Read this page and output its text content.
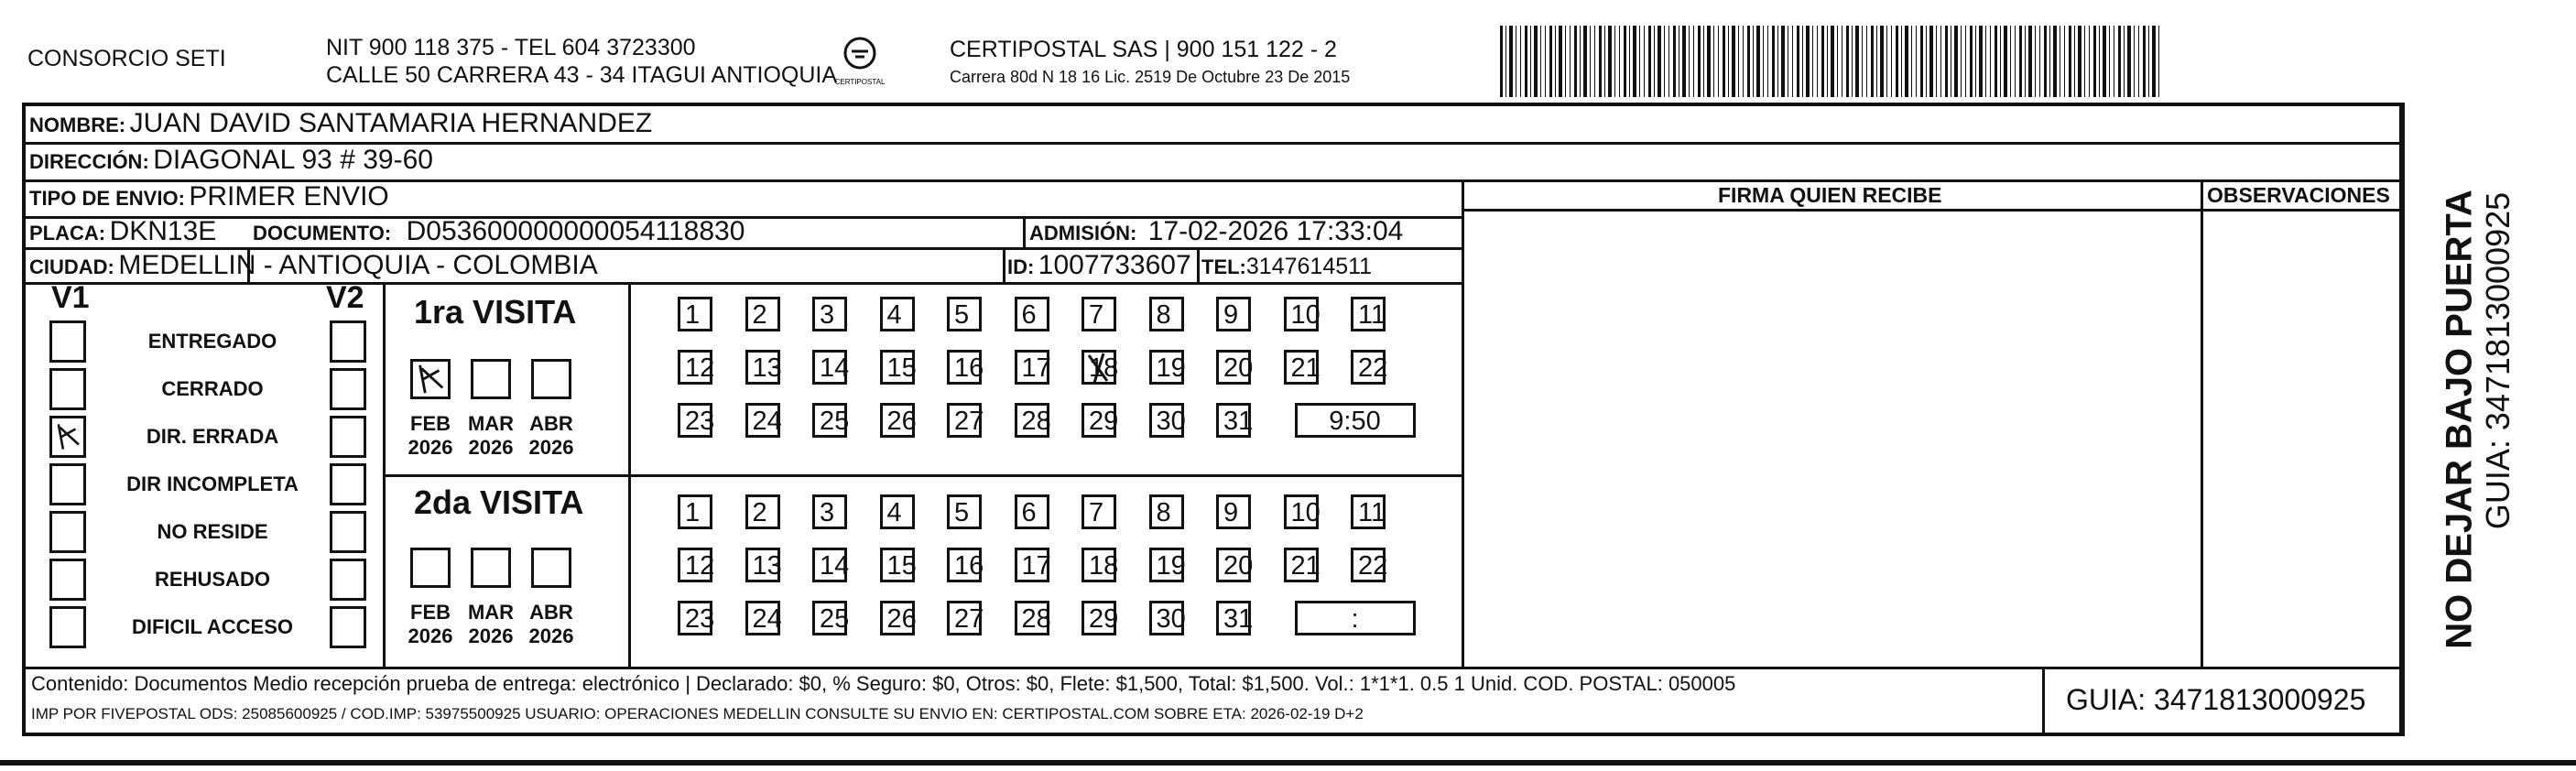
CONSORCIO SETI	NIT 900 118 375 - TEL 604 3723300
CALLE 50 CARRERA 43 - 34 ITAGUI ANTIOQUIA
CERTIPOSTAL
CERTIPOSTAL SAS | 900 151 122 - 2
Carrera 80d N 18 16 Lic. 2519 De Octubre 23 De 2015
NOMBRE: JUAN DAVID SANTAMARIA HERNANDEZ
DIRECCIÓN: DIAGONAL 93 # 39-60
TIPO DE ENVIO: PRIMER ENVIO
PLACA: DKN13E DOCUMENTO: D053600000000054118830	ADMISIÓN: 17-02-2026 17:33:04
CIUDAD: MEDELLIN - ANTIOQUIA - COLOMBIA	ID: 1007733607 TEL:3147614511
FIRMA QUIEN RECIBE	OBSERVACIONES
V1	V2
ENTREGADO
CERRADO
DIR. ERRADA
DIR INCOMPLETA
NO RESIDE
REHUSADO
DIFICIL ACCESO
1ra VISITA
2da VISITA
FEB
2026
MAR
2026
ABR
2026
FEB
2026
MAR
2026
ABR
2026
1	2	3	4	5	6	7	8	9	10 11
12 13 14 15 16 17 18 19 20 21 22
23 24 25 26 27 28 29 30 31	9:50
1	2	3	4	5	6	7	8	9	10 11
12 13 14 15 16 17 18 19 20 21 22
23 24 25 26 27 28 29 30 31	:
Contenido: Documentos Medio recepción prueba de entrega: electrónico | Declarado: $0, % Seguro: $0, Otros: $0, Flete: $1,500, Total: $1,500. Vol.: 1*1*1. 0.5 1 Unid. COD. POSTAL: 050005
IMP POR FIVEPOSTAL ODS: 25085600925 / COD.IMP: 53975500925 USUARIO: OPERACIONES MEDELLIN CONSULTE SU ENVIO EN: CERTIPOSTAL.COM SOBRE ETA: 2026-02-19 D+2	GUIA: 3471813000925
NO DEJAR BAJO PUERTA GUIA: 3471813000925
